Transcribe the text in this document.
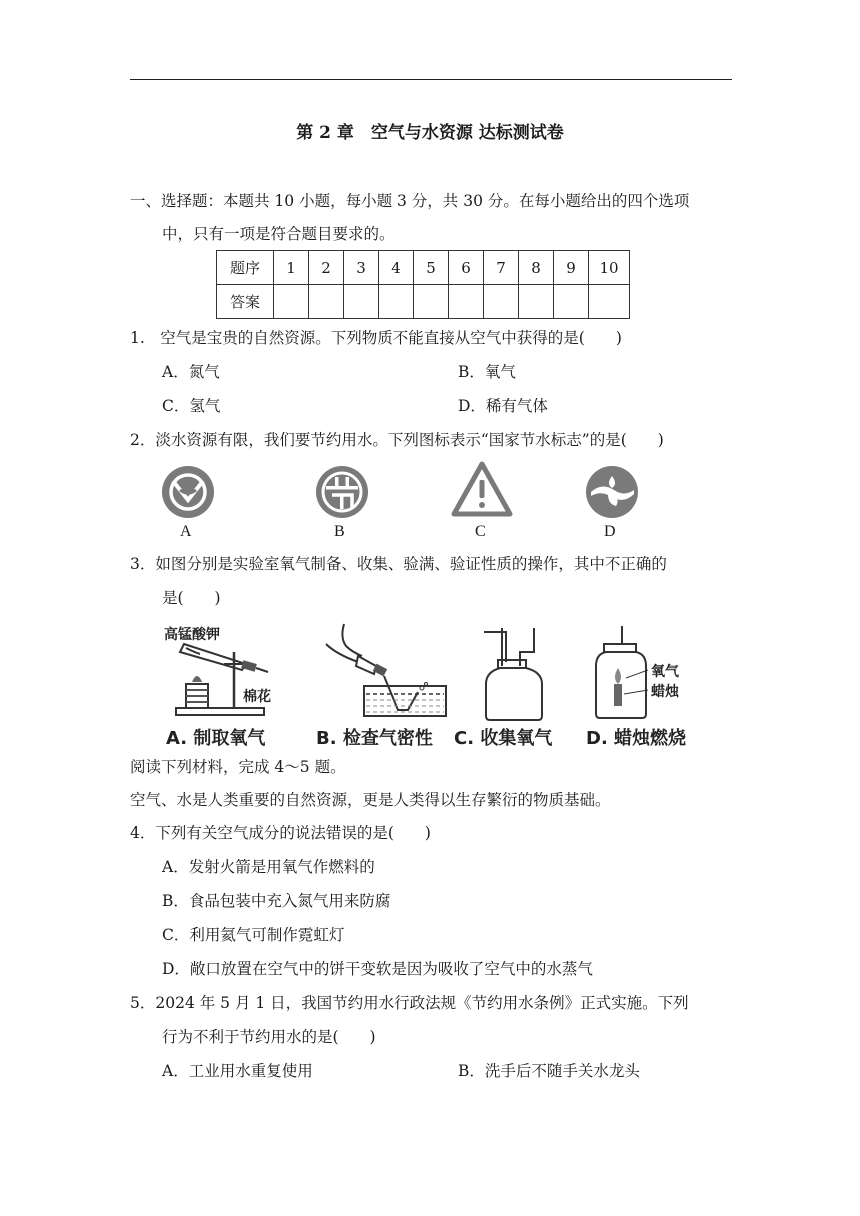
第 2 章　空气与水资源 达标测试卷
一、选择题：本题共 10 小题，每小题 3 分，共 30 分。在每小题给出的四个选项
中，只有一项是符合题目要求的。
题序	1	2	3	4	5	6	7	8	9	10
答案										
1.　空气是宝贵的自然资源。下列物质不能直接从空气中获得的是(　　)
A．氮气	B．氧气
C．氢气	D．稀有气体
2．淡水资源有限，我们要节约用水。下列图标表示“国家节水标志”的是(　　)
A	B	C	D
3．如图分别是实验室氧气制备、收集、验满、验证性质的操作，其中不正确的
是(　　)
高锰酸钾
棉花
A. 制取氧气	B. 检查气密性 C. 收集氧气
氧气
蜡烛
D. 蜡烛燃烧
阅读下列材料，完成 4～5 题。
空气、水是人类重要的自然资源，更是人类得以生存繁衍的物质基础。
4．下列有关空气成分的说法错误的是(　　)
A．发射火箭是用氧气作燃料的
B．食品包装中充入氮气用来防腐
C．利用氦气可制作霓虹灯
D．敞口放置在空气中的饼干变软是因为吸收了空气中的水蒸气
5．2024 年 5 月 1 日，我国节约用水行政法规《节约用水条例》正式实施。下列
行为不利于节约用水的是(　　)
A．工业用水重复使用	B．洗手后不随手关水龙头
